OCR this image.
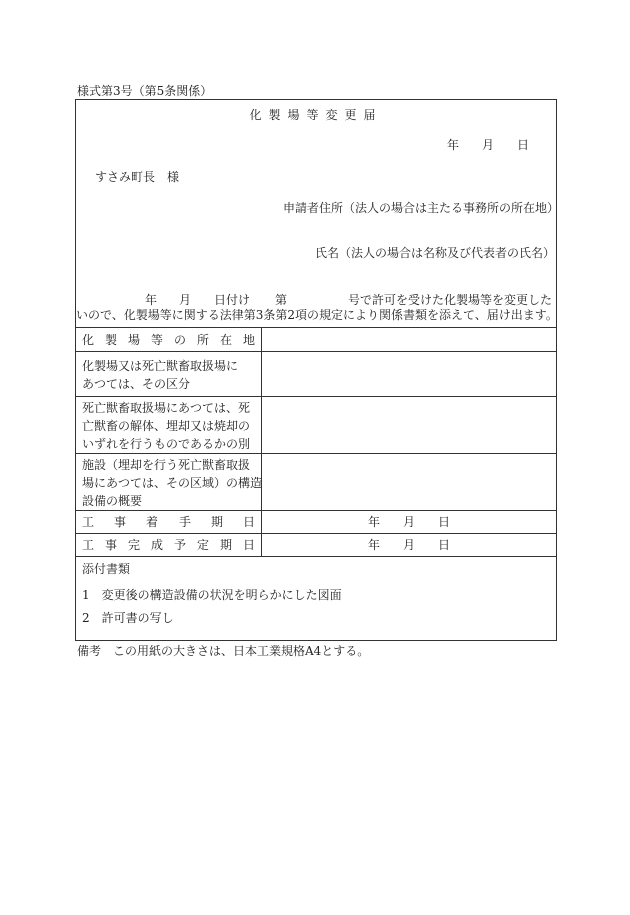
様式第3号（第5条関係）
化製場等変更届
年 月 日
すさみ町長　様
申請者住所（法人の場合は主たる事務所の所在地）
氏名（法人の場合は名称及び代表者の氏名）
年 月 日付け 第	号で許可を受けた化製場等を変更した
いので、化製場等に関する法律第3条第2項の規定により関係書類を添えて、届け出ます。
化 製 場 等 の 所 在 地
化製場又は死亡獣畜取扱場に
あつては、その区分
死亡獣畜取扱場にあつては、死
亡獣畜の解体、埋却又は焼却の
いずれを行うものであるかの別
施設（埋却を行う死亡獣畜取扱
場にあつては、その区域）の構造
設備の概要
工 事 着 手 期 日	年 月 日
工 事 完 成 予 定 期 日	年 月 日
添付書類
1　変更後の構造設備の状況を明らかにした図面
2　許可書の写し
備考　この用紙の大きさは、日本工業規格A4とする。
